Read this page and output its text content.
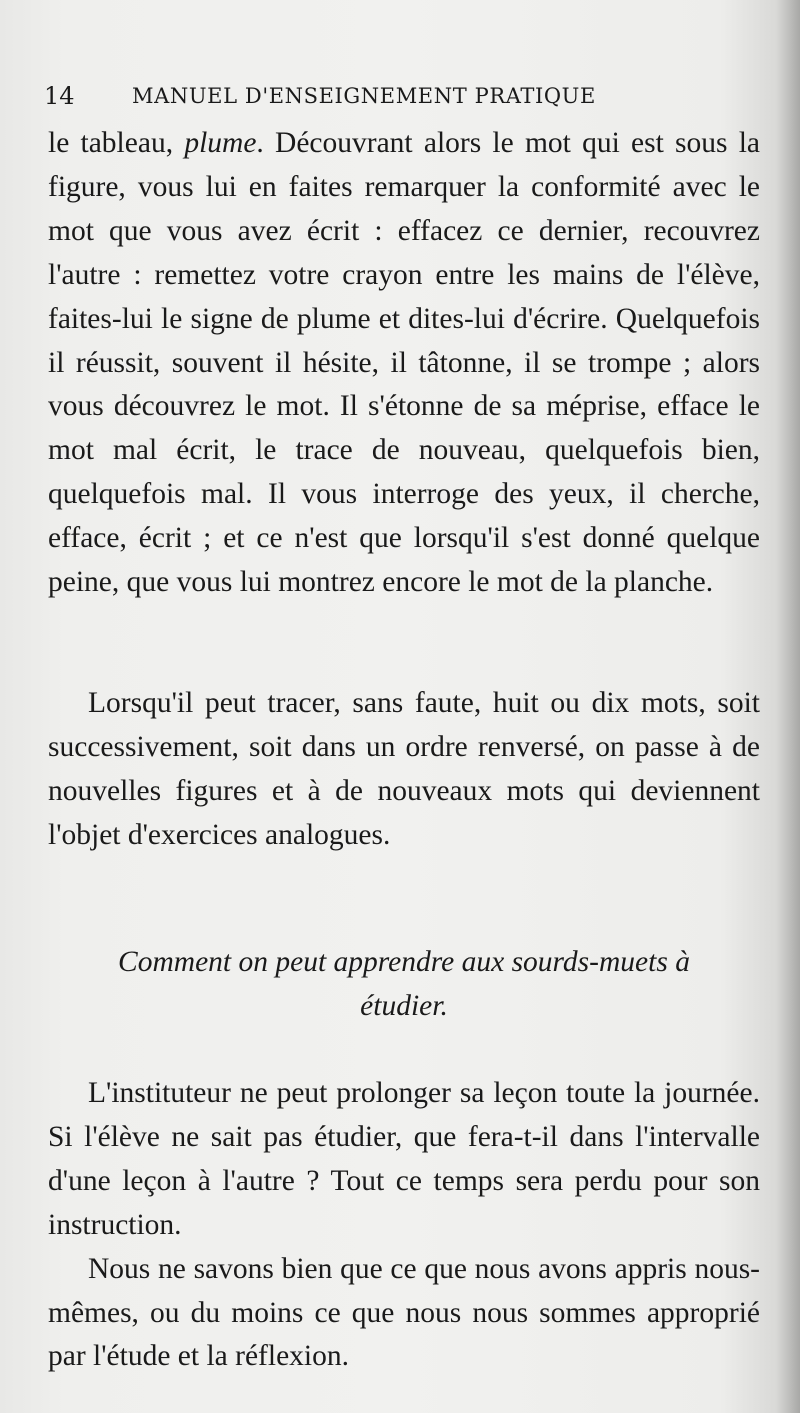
14	MANUEL D'ENSEIGNEMENT PRATIQUE

le tableau, plume. Découvrant alors le mot qui est sous la figure, vous lui en faites remarquer la conformité avec le mot que vous avez écrit : effacez ce dernier, recouvrez l'autre : remettez votre crayon entre les mains de l'élève, faites-lui le signe de plume et dites-lui d'écrire. Quelquefois il réussit, souvent il hésite, il tâtonne, il se trompe ; alors vous découvrez le mot. Il s'étonne de sa méprise, efface le mot mal écrit, le trace de nouveau, quelquefois bien, quelquefois mal. Il vous interroge des yeux, il cherche, efface, écrit ; et ce n'est que lorsqu'il s'est donné quelque peine, que vous lui montrez encore le mot de la planche.

Lorsqu'il peut tracer, sans faute, huit ou dix mots, soit successivement, soit dans un ordre renversé, on passe à de nouvelles figures et à de nouveaux mots qui deviennent l'objet d'exercices analogues.

Comment on peut apprendre aux sourds-muets à
étudier.

L'instituteur ne peut prolonger sa leçon toute la journée. Si l'élève ne sait pas étudier, que fera-t-il dans l'intervalle d'une leçon à l'autre ? Tout ce temps sera perdu pour son instruction.

Nous ne savons bien que ce que nous avons appris nous-mêmes, ou du moins ce que nous nous sommes approprié par l'étude et la réflexion.
